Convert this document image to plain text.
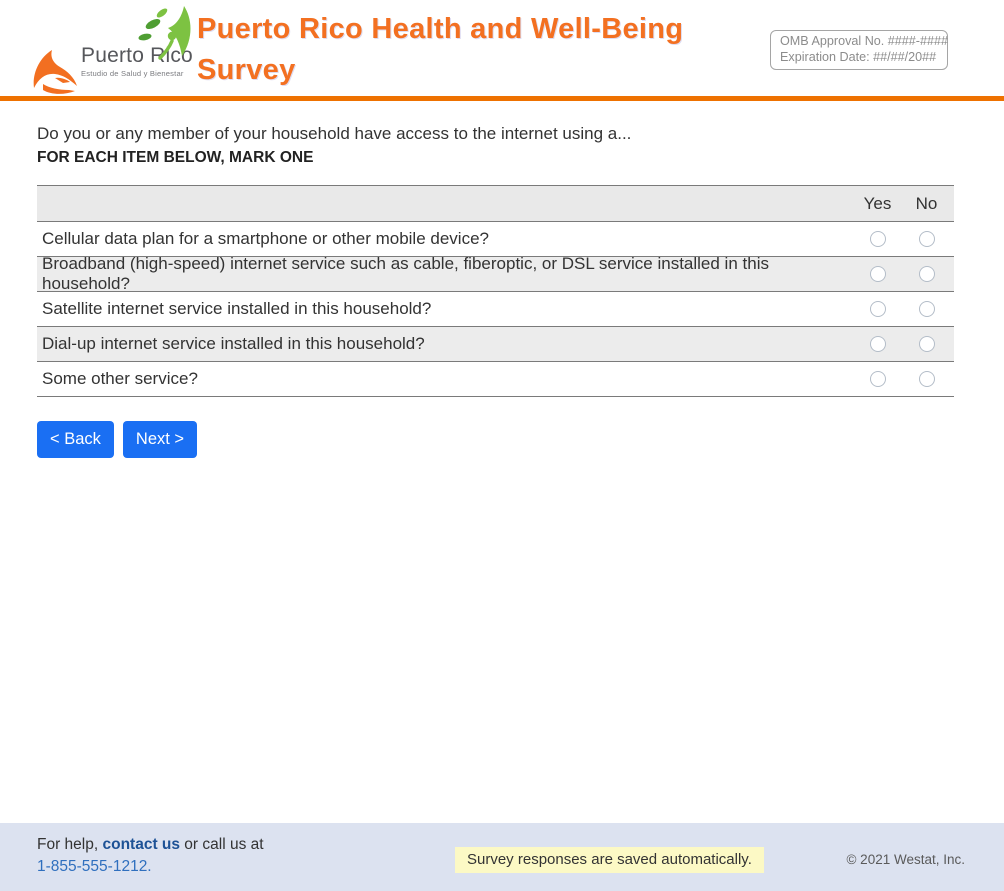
Puerto Rico
Estudio de Salud y Bienestar
Puerto Rico Health and Well-Being
Survey
OMB Approval No. ####-####
Expiration Date: ##/##/20##
Do you or any member of your household have access to the internet using a...
FOR EACH ITEM BELOW, MARK ONE
Yes	No
Cellular data plan for a smartphone or other mobile device?
Broadband (high-speed) internet service such as cable, fiberoptic, or DSL service installed in this household?
Satellite internet service installed in this household?
Dial-up internet service installed in this household?
Some other service?
< Back	Next >
For help, contact us or call us at
1-855-555-1212.	Survey responses are saved automatically.	© 2021 Westat, Inc.
